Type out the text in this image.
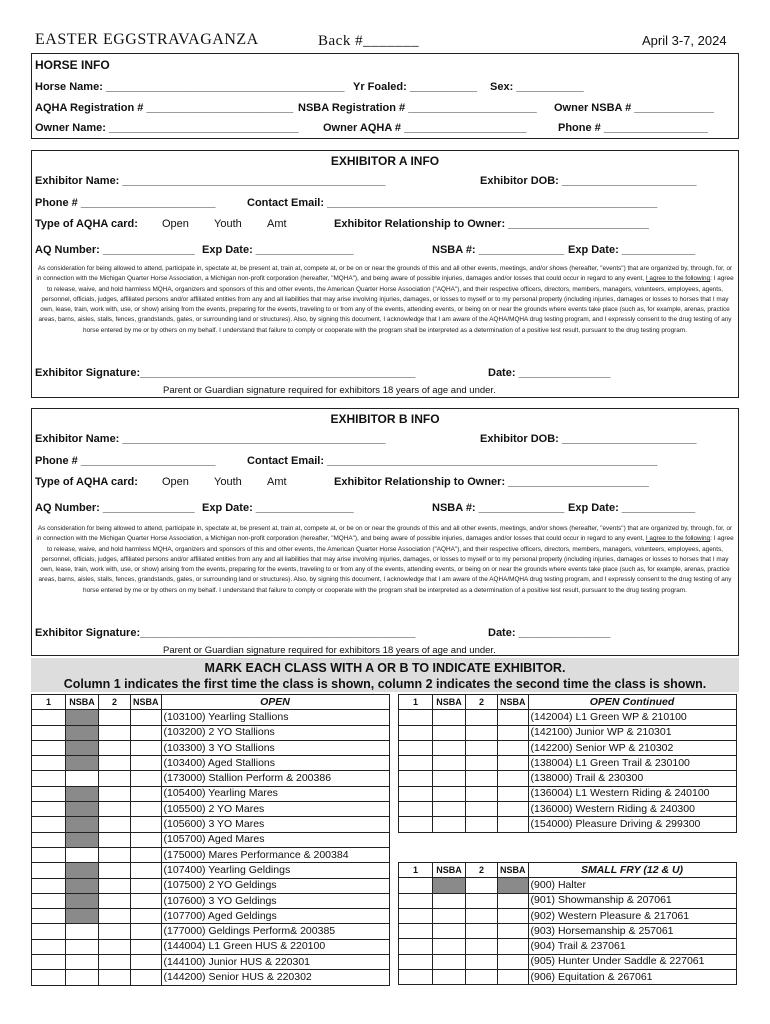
EASTER EGGSTRAVAGANZA	Back #_______	April 3-7, 2024
HORSE INFO
Horse Name: _______________________________________ Yr Foaled: ___________ Sex: ___________
AQHA Registration # ________________________ NSBA Registration # _____________________ Owner NSBA # _____________
Owner Name: _______________________________ Owner AQHA # ____________________	Phone # _________________
EXHIBITOR A INFO
Exhibitor Name: ___________________________________________	Exhibitor DOB: ______________________
Phone # ______________________	Contact Email: ______________________________________________________
Type of AQHA card: Open Youth Amt	Exhibitor Relationship to Owner: _______________________
AQ Number: _______________ Exp Date: ________________	NSBA #: ______________ Exp Date: ____________
As consideration for being allowed to attend, participate in, spectate at, be present at, train at, compete at, or be on or near the grounds of this and all other events, meetings, and/or shows (hereafter, "events") that are organized by, through, for, or in connection with the Michigan Quarter Horse Association, a Michigan non-profit corporation (hereafter, "MQHA"), and being aware of possible injuries, damages and/or losses that could occur in regard to any event, I agree to the following: I agree to release, waive, and hold harmless MQHA, organizers and sponsors of this and other events, the American Quarter Horse Association ("AQHA"), and their respective officers, directors, members, managers, volunteers, employees, agents, personnel, officials, judges, affiliated persons and/or affiliated entities from any and all liabilities that may arise involving injuries, damages, or losses to myself or to my personal property (including injuries, damages or losses to horses that I may own, lease, train, work with, use, or show) arising from the events, preparing for the events, traveling to or from any of the events, attending events, or being on or near the grounds where events take place (such as, for example, arenas, practice areas, barns, aisles, stalls, fences, grandstands, gates, or surrounding land or structures). Also, by signing this document, I acknowledge that I am aware of the AQHA/MQHA drug testing program, and I expressly consent to the drug testing of any horse entered by me or by others on my behalf. I understand that failure to comply or cooperate with the program shall be interpreted as a determination of a positive test result, pursuant to the drug testing program.
Exhibitor Signature:_____________________________________________	Date: _______________
Parent or Guardian signature required for exhibitors 18 years of age and under.
EXHIBITOR B INFO
Exhibitor Name: ___________________________________________	Exhibitor DOB: ______________________
Phone # ______________________	Contact Email: ______________________________________________________
Type of AQHA card: Open Youth Amt	Exhibitor Relationship to Owner: _______________________
AQ Number: _______________ Exp Date: ________________	NSBA #: ______________ Exp Date: ____________
As consideration for being allowed to attend, participate in, spectate at, be present at, train at, compete at, or be on or near the grounds of this and all other events, meetings, and/or shows (hereafter, "events") that are organized by, through, for, or in connection with the Michigan Quarter Horse Association, a Michigan non-profit corporation (hereafter, "MQHA"), and being aware of possible injuries, damages and/or losses that could occur in regard to any event, I agree to the following: I agree to release, waive, and hold harmless MQHA, organizers and sponsors of this and other events, the American Quarter Horse Association ("AQHA"), and their respective officers, directors, members, managers, volunteers, employees, agents, personnel, officials, judges, affiliated persons and/or affiliated entities from any and all liabilities that may arise involving injuries, damages, or losses to myself or to my personal property (including injuries, damages or losses to horses that I may own, lease, train, work with, use, or show) arising from the events, preparing for the events, traveling to or from any of the events, attending events, or being on or near the grounds where events take place (such as, for example, arenas, practice areas, barns, aisles, stalls, fences, grandstands, gates, or surrounding land or structures). Also, by signing this document, I acknowledge that I am aware of the AQHA/MQHA drug testing program, and I expressly consent to the drug testing of any horse entered by me or by others on my behalf. I understand that failure to comply or cooperate with the program shall be interpreted as a determination of a positive test result, pursuant to the drug testing program.
Exhibitor Signature:_____________________________________________	Date: _______________
Parent or Guardian signature required for exhibitors 18 years of age and under.
MARK EACH CLASS WITH A OR B TO INDICATE EXHIBITOR.
Column 1 indicates the first time the class is shown, column 2 indicates the second time the class is shown.
1	NSBA	2	NSBA	OPEN
				(103100) Yearling Stallions
				(103200) 2 YO Stallions
				(103300) 3 YO Stallions
				(103400) Aged Stallions
				(173000) Stallion Perform & 200386
				(105400) Yearling Mares
				(105500) 2 YO Mares
				(105600) 3 YO Mares
				(105700) Aged Mares
				(175000) Mares Performance & 200384
				(107400) Yearling Geldings
				(107500) 2 YO Geldings
				(107600) 3 YO Geldings
				(107700) Aged Geldings
				(177000) Geldings Perform& 200385
				(144004) L1 Green HUS & 220100
				(144100) Junior HUS & 220301
				(144200) Senior HUS & 220302
1	NSBA	2	NSBA	OPEN Continued
				(142004) L1 Green WP & 210100
				(142100) Junior WP & 210301
				(142200) Senior WP & 210302
				(138004) L1 Green Trail & 230100
				(138000) Trail & 230300
				(136004) L1 Western Riding & 240100
				(136000) Western Riding & 240300
				(154000) Pleasure Driving & 299300
1	NSBA	2	NSBA	SMALL FRY (12 & U)
				(900) Halter
				(901) Showmanship & 207061
				(902) Western Pleasure & 217061
				(903) Horsemanship & 257061
				(904) Trail & 237061
				(905) Hunter Under Saddle & 227061
				(906) Equitation & 267061
